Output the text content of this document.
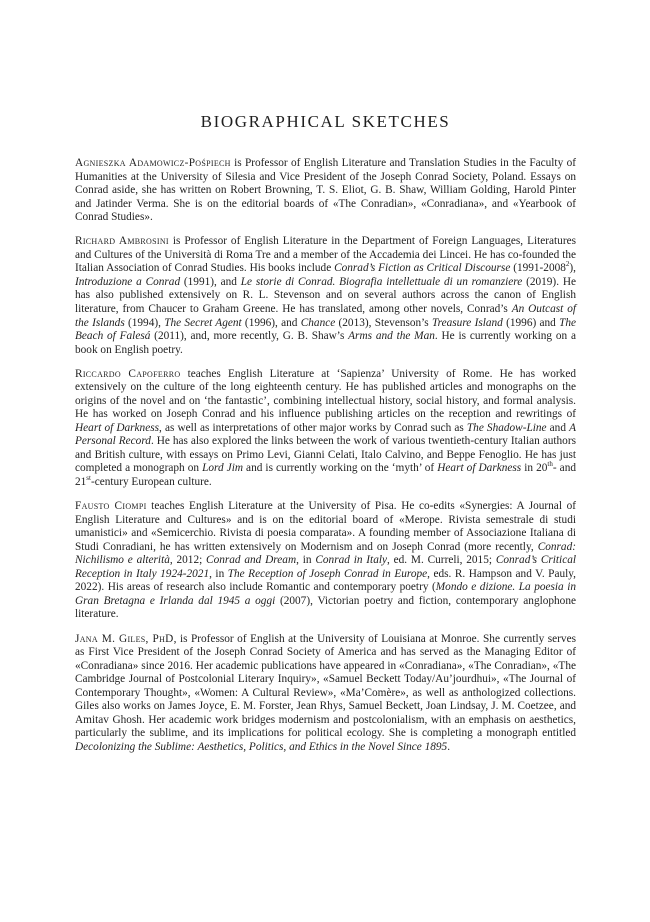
BIOGRAPHICAL SKETCHES

Agnieszka Adamowicz-Pośpiech is Professor of English Literature and Translation Studies in the Faculty of Humanities at the University of Silesia and Vice President of the Joseph Conrad Society, Poland. Essays on Conrad aside, she has written on Robert Browning, T. S. Eliot, G. B. Shaw, William Golding, Harold Pinter and Jatinder Verma. She is on the editorial boards of «The Conradian», «Conradiana», and «Yearbook of Conrad Studies».

Richard Ambrosini is Professor of English Literature in the Department of Foreign Languages, Literatures and Cultures of the Università di Roma Tre and a member of the Accademia dei Lincei. He has co-founded the Italian Association of Conrad Studies. His books include Conrad’s Fiction as Critical Discourse (1991-2008$^2$), Introduzione a Conrad (1991), and Le storie di Conrad. Biografia intellettuale di un romanziere (2019). He has also published extensively on R. L. Stevenson and on several authors across the canon of English literature, from Chaucer to Graham Greene. He has translated, among other novels, Conrad’s An Outcast of the Islands (1994), The Secret Agent (1996), and Chance (2013), Stevenson’s Treasure Island (1996) and The Beach of Falesá (2011), and, more recently, G. B. Shaw’s Arms and the Man. He is currently working on a book on English poetry.

Riccardo Capoferro teaches English Literature at ‘Sapienza’ University of Rome. He has worked extensively on the culture of the long eighteenth century. He has published articles and monographs on the origins of the novel and on ‘the fantastic’, combining intellectual history, social history, and formal analysis. He has worked on Joseph Conrad and his influence publishing articles on the reception and rewritings of Heart of Darkness, as well as interpretations of other major works by Conrad such as The Shadow-Line and A Personal Record. He has also explored the links between the work of various twentieth-century Italian authors and British culture, with essays on Primo Levi, Gianni Celati, Italo Calvino, and Beppe Fenoglio. He has just completed a monograph on Lord Jim and is currently working on the ‘myth’ of Heart of Darkness in 20th- and 21st-century European culture.

Fausto Ciompi teaches English Literature at the University of Pisa. He co-edits «Synergies: A Journal of English Literature and Cultures» and is on the editorial board of «Merope. Rivista semestrale di studi umanistici» and «Semicerchio. Rivista di poesia comparata». A founding member of Associazione Italiana di Studi Conradiani, he has written extensively on Modernism and on Joseph Conrad (more recently, Conrad: Nichilismo e alterità, 2012; Conrad and Dream, in Conrad in Italy, ed. M. Curreli, 2015; Conrad’s Critical Reception in Italy 1924-2021, in The Reception of Joseph Conrad in Europe, eds. R. Hampson and V. Pauly, 2022). His areas of research also include Romantic and contemporary poetry (Mondo e dizione. La poesia in Gran Bretagna e Irlanda dal 1945 a oggi (2007), Victorian poetry and fiction, contemporary anglophone literature.

Jana M. Giles, PhD, is Professor of English at the University of Louisiana at Monroe. She currently serves as First Vice President of the Joseph Conrad Society of America and has served as the Managing Editor of «Conradiana» since 2016. Her academic publications have appeared in «Conradiana», «The Conradian», «The Cambridge Journal of Postcolonial Literary Inquiry», «Samuel Beckett Today/Au’jourdhui», «The Journal of Contemporary Thought», «Women: A Cultural Review», «Ma’Comère», as well as anthologized collections. Giles also works on James Joyce, E. M. Forster, Jean Rhys, Samuel Beckett, Joan Lindsay, J. M. Coetzee, and Amitav Ghosh. Her academic work bridges modernism and postcolonialism, with an emphasis on aesthetics, particularly the sublime, and its implications for political ecology. She is completing a monograph entitled Decolonizing the Sublime: Aesthetics, Politics, and Ethics in the Novel Since 1895.
